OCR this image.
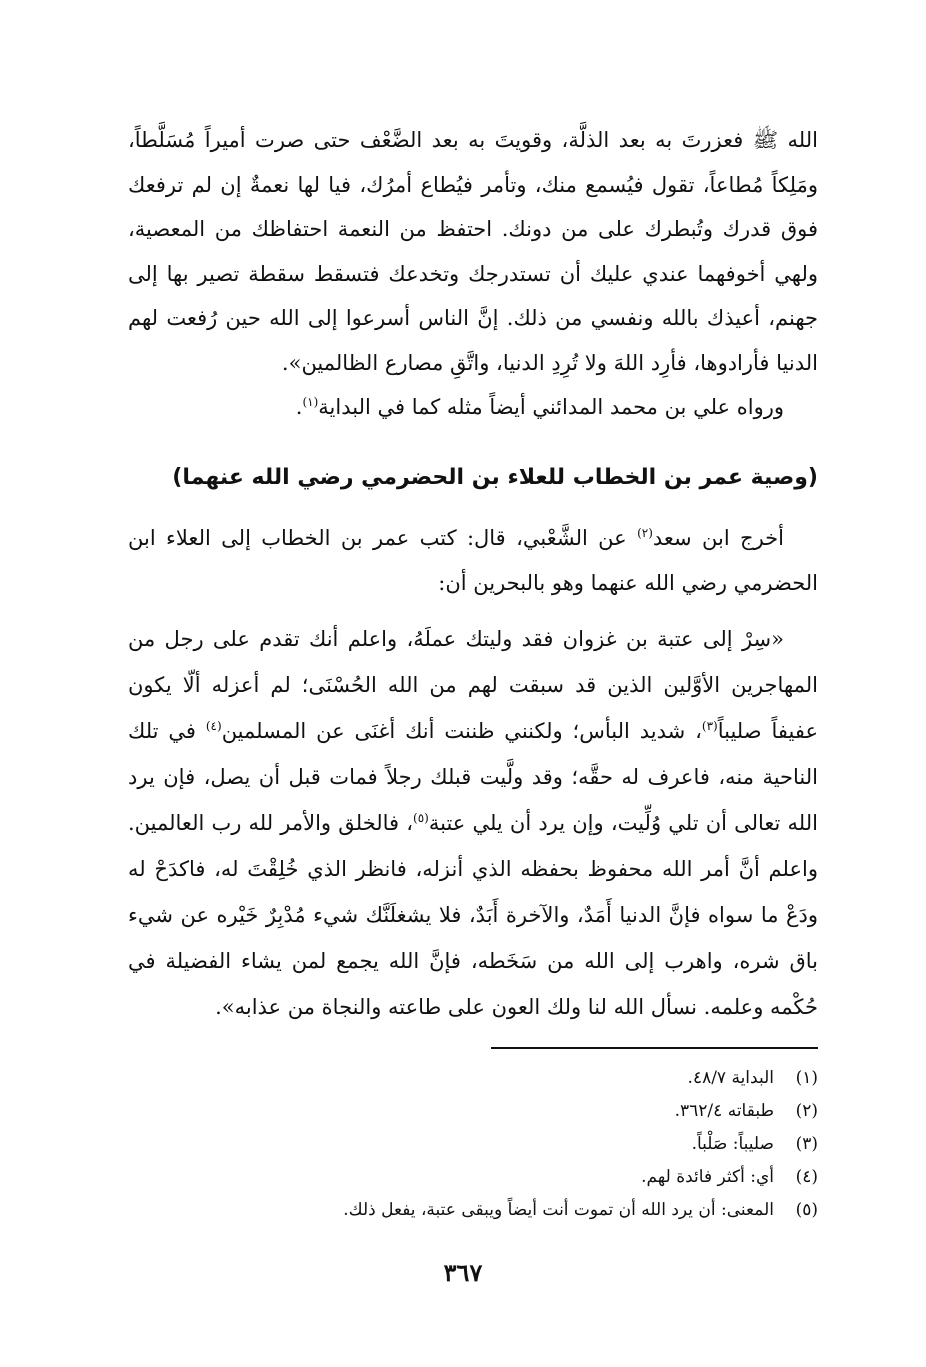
الله ﷺ فعزرتَ به بعد الذلَّة، وقويتَ به بعد الضَّعْف حتى صرت أميراً مُسَلَّطاً، ومَلِكاً مُطاعاً، تقول فيُسمع منك، وتأمر فيُطاع أمرُك، فيا لها نعمةٌ إن لم ترفعك فوق قدرك وتُبطرك على من دونك. احتفظ من النعمة احتفاظك من المعصية، ولهي أخوفهما عندي عليك أن تستدرجك وتخدعك فتسقط سقطة تصير بها إلى جهنم، أعيذك بالله ونفسي من ذلك. إنَّ الناس أسرعوا إلى الله حين رُفعت لهم الدنيا فأرادوها، فأرِد اللهَ ولا تُرِدِ الدنيا، واتَّقِ مصارع الظالمين».

ورواه علي بن محمد المدائني أيضاً مثله كما في البداية$^{(١)}$.

(وصية عمر بن الخطاب للعلاء بن الحضرمي رضي الله عنهما)

أخرج ابن سعد$^{(٢)}$ عن الشَّعْبي، قال: كتب عمر بن الخطاب إلى العلاء ابن الحضرمي رضي الله عنهما وهو بالبحرين أن:

«سِرْ إلى عتبة بن غزوان فقد وليتك عملَهُ، واعلم أنك تقدم على رجل من المهاجرين الأوَّلين الذين قد سبقت لهم من الله الحُسْنَى؛ لم أعزله ألّا يكون عفيفاً صليباً$^{(٣)}$، شديد البأس؛ ولكنني ظننت أنك أغنَى عن المسلمين$^{(٤)}$ في تلك الناحية منه، فاعرف له حقَّه؛ وقد ولَّيت قبلك رجلاً فمات قبل أن يصل، فإن يرد الله تعالى أن تلي وُلِّيت، وإن يرد أن يلي عتبة$^{(٥)}$، فالخلق والأمر لله رب العالمين. واعلم أنَّ أمر الله محفوظ بحفظه الذي أنزله، فانظر الذي خُلِقْتَ له، فاكدَحْ له ودَعْ ما سواه فإنَّ الدنيا أَمَدٌ، والآخرة أَبَدٌ، فلا يشغلَنَّك شيء مُدْبِرٌ خَيْره عن شيء باق شره، واهرب إلى الله من سَخَطه، فإنَّ الله يجمع لمن يشاء الفضيلة في حُكْمه وعلمه. نسأل الله لنا ولك العون على طاعته والنجاة من عذابه».

(١)
البداية ٤٨/٧.
(٢)
طبقاته ٣٦٢/٤.
(٣)
صليباً: صَلْباً.
(٤)
أي: أكثر فائدة لهم.
(٥)
المعنى: أن يرد الله أن تموت أنت أيضاً ويبقى عتبة، يفعل ذلك.
٣٦٧
